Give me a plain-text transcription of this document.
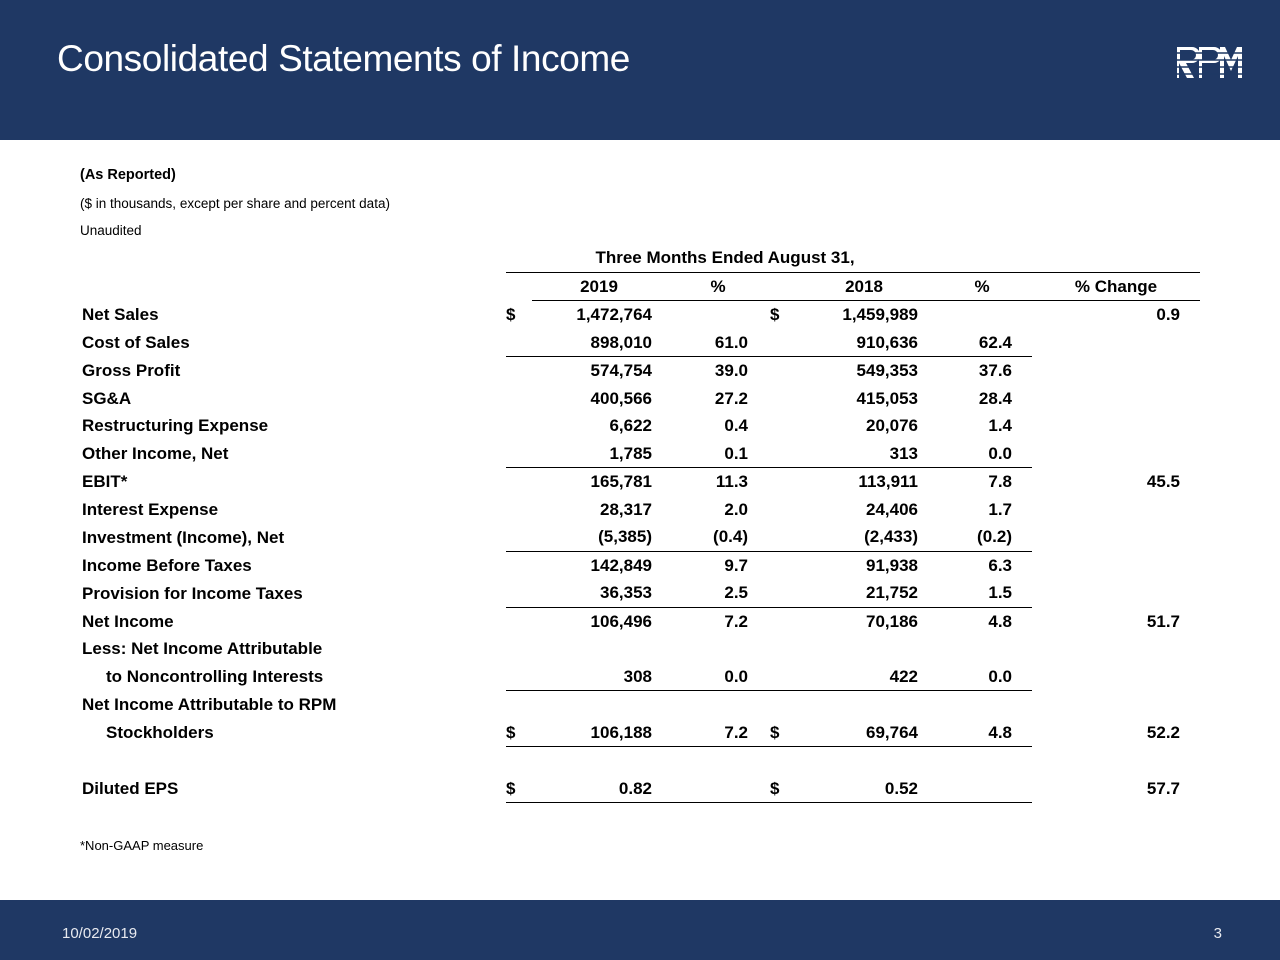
Consolidated Statements of Income
(As Reported)
($ in thousands, except per share and percent data)
Unaudited
		Three Months Ended August 31,					
		2019	%		2018	%	% Change
Net Sales	$	1,472,764		$	1,459,989		0.9
Cost of Sales		898,010	61.0		910,636	62.4	
Gross Profit		574,754	39.0		549,353	37.6	
SG&A		400,566	27.2		415,053	28.4	
Restructuring Expense		6,622	0.4		20,076	1.4	
Other Income, Net		1,785	0.1		313	0.0	
EBIT*		165,781	11.3		113,911	7.8	45.5
Interest Expense		28,317	2.0		24,406	1.7	
Investment (Income), Net		(5,385)	(0.4)		(2,433)	(0.2)	
Income Before Taxes		142,849	9.7		91,938	6.3	
Provision for Income Taxes		36,353	2.5		21,752	1.5	
Net Income		106,496	7.2		70,186	4.8	51.7
Less: Net Income Attributable							
to Noncontrolling Interests		308	0.0		422	0.0	
Net Income Attributable to RPM							
Stockholders	$	106,188	7.2	$	69,764	4.8	52.2

Diluted EPS	$	0.82		$	0.52		57.7
*Non-GAAP measure
10/02/2019	3
